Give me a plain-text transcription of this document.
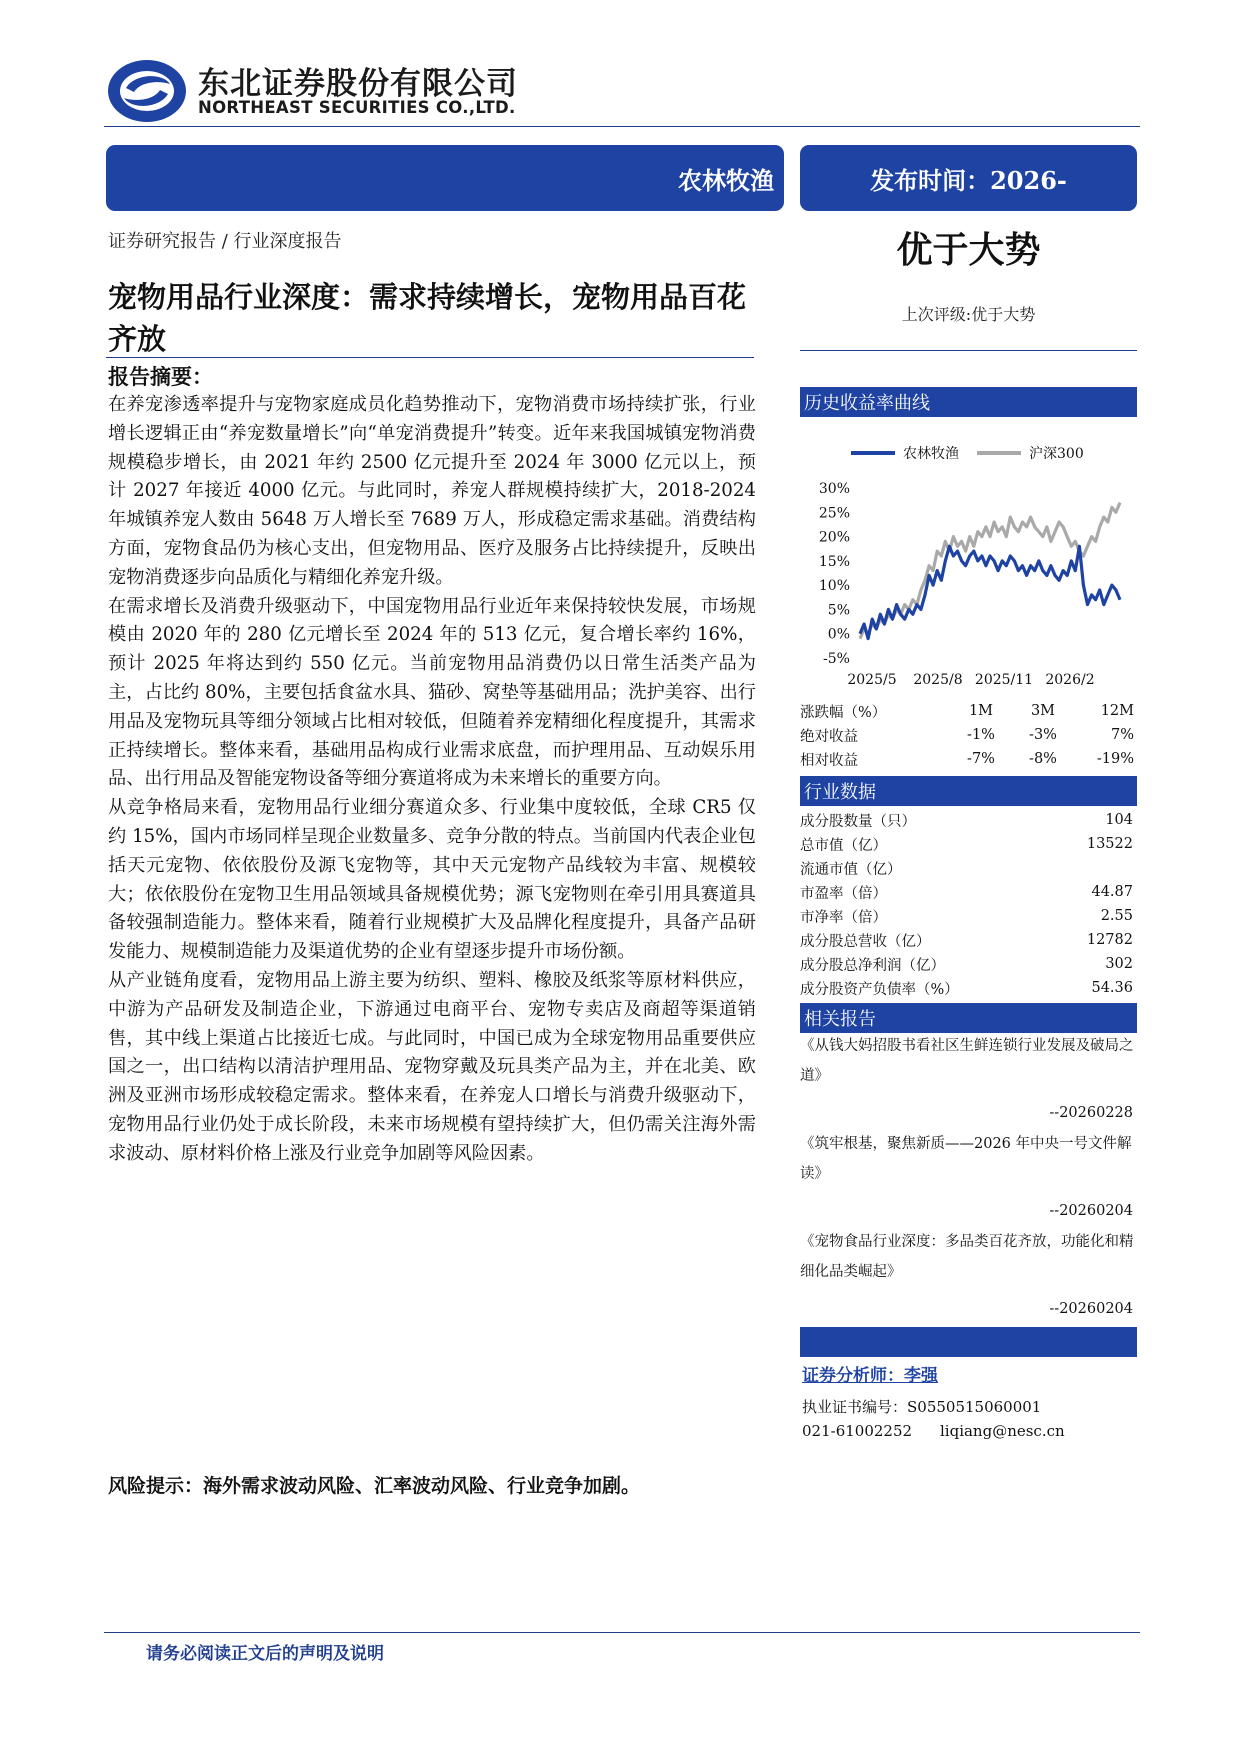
东北证券股份有限公司
NORTHEAST SECURITIES CO.,LTD.
农林牧渔	发布时间：2026-
证券研究报告 / 行业深度报告
宠物用品行业深度：需求持续增长，宠物用品百花齐放
报告摘要：

在养宠渗透率提升与宠物家庭成员化趋势推动下，宠物消费市场持续扩张，行业增长逻辑正由“养宠数量增长”向“单宠消费提升”转变。近年来我国城镇宠物消费规模稳步增长，由 2021 年约 2500 亿元提升至 2024 年 3000 亿元以上，预计 2027 年接近 4000 亿元。与此同时，养宠人群规模持续扩大，2018-2024 年城镇养宠人数由 5648 万人增长至 7689 万人，形成稳定需求基础。消费结构方面，宠物食品仍为核心支出，但宠物用品、医疗及服务占比持续提升，反映出宠物消费逐步向品质化与精细化养宠升级。

在需求增长及消费升级驱动下，中国宠物用品行业近年来保持较快发展，市场规模由 2020 年的 280 亿元增长至 2024 年的 513 亿元，复合增长率约 16%，预计 2025 年将达到约 550 亿元。当前宠物用品消费仍以日常生活类产品为主，占比约 80%，主要包括食盆水具、猫砂、窝垫等基础用品；洗护美容、出行用品及宠物玩具等细分领域占比相对较低，但随着养宠精细化程度提升，其需求正持续增长。整体来看，基础用品构成行业需求底盘，而护理用品、互动娱乐用品、出行用品及智能宠物设备等细分赛道将成为未来增长的重要方向。

从竞争格局来看，宠物用品行业细分赛道众多、行业集中度较低，全球 CR5 仅约 15%，国内市场同样呈现企业数量多、竞争分散的特点。当前国内代表企业包括天元宠物、依依股份及源飞宠物等，其中天元宠物产品线较为丰富、规模较大；依依股份在宠物卫生用品领域具备规模优势；源飞宠物则在牵引用具赛道具备较强制造能力。整体来看，随着行业规模扩大及品牌化程度提升，具备产品研发能力、规模制造能力及渠道优势的企业有望逐步提升市场份额。

从产业链角度看，宠物用品上游主要为纺织、塑料、橡胶及纸浆等原材料供应，中游为产品研发及制造企业，下游通过电商平台、宠物专卖店及商超等渠道销售，其中线上渠道占比接近七成。与此同时，中国已成为全球宠物用品重要供应国之一，出口结构以清洁护理用品、宠物穿戴及玩具类产品为主，并在北美、欧洲及亚洲市场形成较稳定需求。整体来看，在养宠人口增长与消费升级驱动下，宠物用品行业仍处于成长阶段，未来市场规模有望持续扩大，但仍需关注海外需求波动、原材料价格上涨及行业竞争加剧等风险因素。

风险提示：海外需求波动风险、汇率波动风险、行业竞争加剧。
请务必阅读正文后的声明及说明
优于大势
上次评级:优于大势
历史收益率曲线
农林牧渔	沪深300
30%
25%
20%
15%
10%
5%
0%
-5%
2025/5 2025/8 2025/11 2026/2
涨跌幅（%）	1M	3M	12M
绝对收益	-1%	-3%	7%
相对收益	-7%	-8%	-19%
行业数据
成分股数量（只）	104
总市值（亿）	13522
流通市值（亿）
市盈率（倍）	44.87
市净率（倍）	2.55
成分股总营收（亿）	12782
成分股总净利润（亿）	302
成分股资产负债率（%）	54.36
相关报告
《从钱大妈招股书看社区生鲜连锁行业发展及破局之道》
--20260228
《筑牢根基，聚焦新质——2026 年中央一号文件解读》
--20260204
《宠物食品行业深度：多品类百花齐放，功能化和精细化品类崛起》
--20260204
证券分析师：李强
执业证书编号：S0550515060001
021-61002252 liqiang@nesc.cn
